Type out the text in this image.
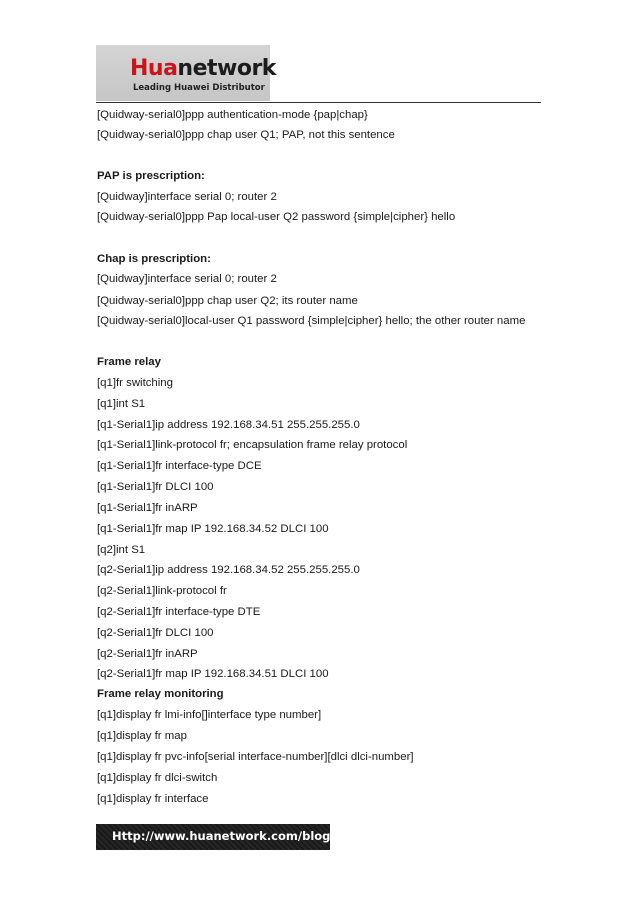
Huanetwork
Leading Huawei Distributor
[Quidway-serial0]ppp authentication-mode {pap|chap}
[Quidway-serial0]ppp chap user Q1; PAP, not this sentence
PAP is prescription:
[Quidway]interface serial 0; router 2
[Quidway-serial0]ppp Pap local-user Q2 password {simple|cipher} hello
Chap is prescription:
[Quidway]interface serial 0; router 2
[Quidway-serial0]ppp chap user Q2; its router name
[Quidway-serial0]local-user Q1 password {simple|cipher} hello; the other router name
Frame relay
[q1]fr switching
[q1]int S1
[q1-Serial1]ip address 192.168.34.51 255.255.255.0
[q1-Serial1]link-protocol fr; encapsulation frame relay protocol
[q1-Serial1]fr interface-type DCE
[q1-Serial1]fr DLCI 100
[q1-Serial1]fr inARP
[q1-Serial1]fr map IP 192.168.34.52 DLCI 100
[q2]int S1
[q2-Serial1]ip address 192.168.34.52 255.255.255.0
[q2-Serial1]link-protocol fr
[q2-Serial1]fr interface-type DTE
[q2-Serial1]fr DLCI 100
[q2-Serial1]fr inARP
[q2-Serial1]fr map IP 192.168.34.51 DLCI 100
Frame relay monitoring
[q1]display fr lmi-info[]interface type number]
[q1]display fr map
[q1]display fr pvc-info[serial interface-number][dlci dlci-number]
[q1]display fr dlci-switch
[q1]display fr interface
Http://www.huanetwork.com/blog
